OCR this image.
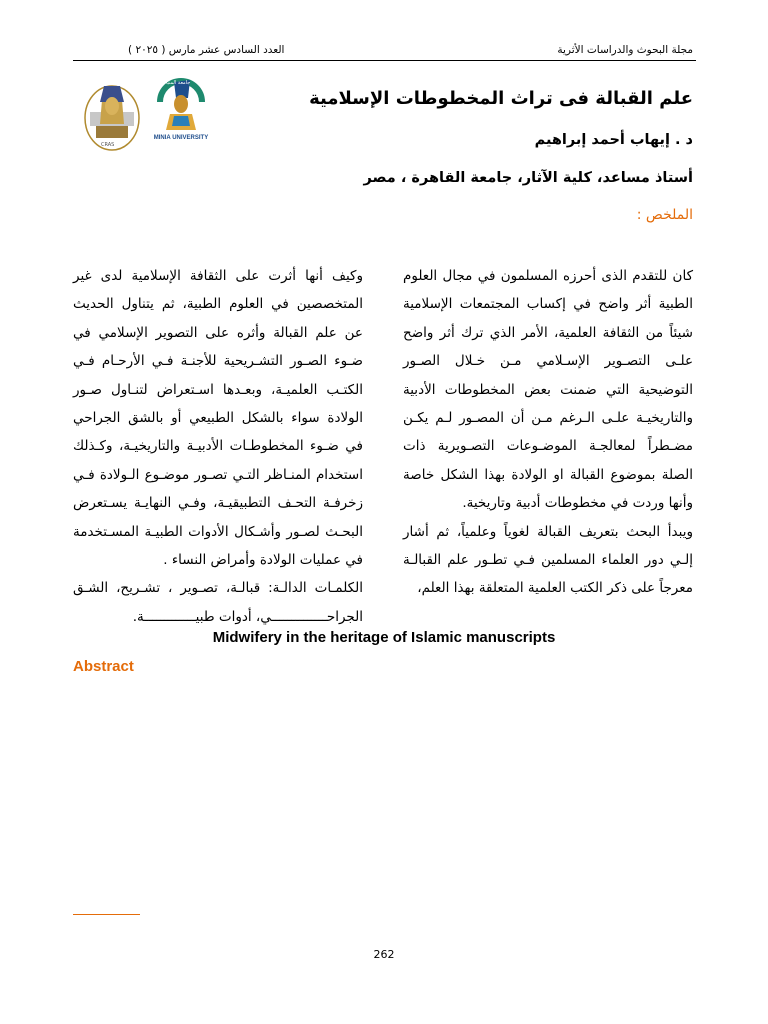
مجلة البحوث والدراسات الأثرية
العدد السادس عشر مارس ( ٢٠٢٥ )
CRAS
جامعة المنيا
MINIA UNIVERSITY
علم القبالة فى تراث المخطوطات الإسلامية
د . إيهاب أحمد إبراهيم
أستاذ مساعد، كلية الآثار، جامعة القاهرة ، مصر
الملخص :

كان للتقدم الذى أحرزه المسلمون في مجال العلوم الطبية أثر واضح في إكساب المجتمعات الإسلامية شيئاً من الثقافة العلمية، الأمر الذي ترك أثر واضح علـى التصـوير الإسـلامي مـن خـلال الصـور التوضيحية التي ضمنت بعض المخطوطات الأدبية والتاريخيـة علـى الـرغم مـن أن المصـور لـم يكـن مضـطراً لمعالجـة الموضـوعات التصـويرية ذات الصلة بموضوع القبالة او الولادة بهذا الشكل خاصة وأنها وردت في مخطوطات أدبية وتاريخية.

ويبدأ البحث بتعريف القبالة لغوياً وعلمياً، ثم أشار إلـي دور العلماء المسلمين فـي تطـور علم القبالـة معرجاً على ذكر الكتب العلمية المتعلقة بهذا العلم،

وكيف أنها أثرت على الثقافة الإسلامية لدى غير المتخصصين في العلوم الطبية، ثم يتناول الحديث عن علم القبالة وأثره على التصوير الإسلامي في ضـوء الصـور التشـريحية للأجنـة فـي الأرحـام فـي الكتـب العلميـة، وبعـدها اسـتعراض لتنـاول صـور الولادة سواء بالشكل الطبيعي أو بالشق الجراحي في ضـوء المخطوطـات الأدبيـة والتاريخيـة، وكـذلك استخدام المنـاظر التـي تصـور موضـوع الـولادة فـي زخرفـة التحـف التطبيقيـة، وفـي النهايـة يسـتعرض البحـث لصـور وأشـكال الأدوات الطبيـة المسـتخدمة في عمليات الولادة وأمراض النساء .

الكلمـات الدالـة: قبالـة، تصـوير ، تشـريح، الشـق الجراحــــــــــــــي، أدوات طبيـــــــــــــة.

Midwifery in the heritage of Islamic manuscripts
Abstract
262
